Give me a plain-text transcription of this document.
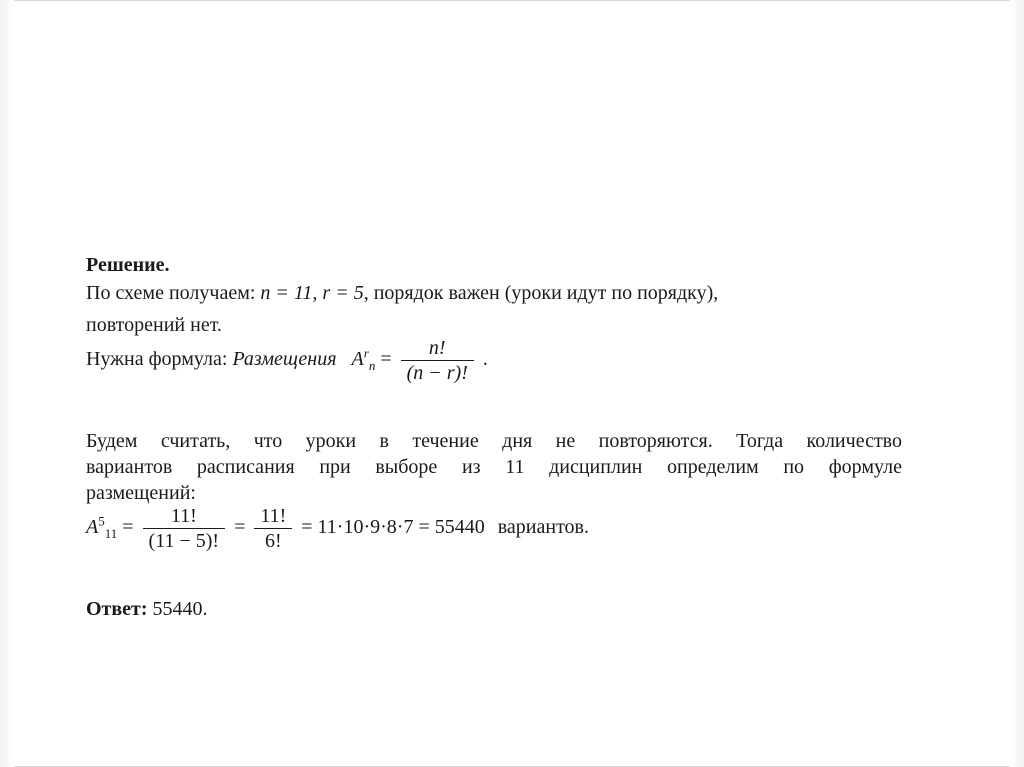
Решение.
По схеме получаем: n = 11, r = 5, порядок важен (уроки идут по порядку),
повторений нет.
Нужна формула: Размещения $A^r_n = \frac{n!}{(n - r)!}$ .
Будем считать, что уроки в течение дня не повторяются. Тогда количество
вариантов расписания при выборе из 11 дисциплин определим по формуле
размещений:
$A^5_{11} = \frac{11!}{(11 - 5)!} = \frac{11!}{6!} = 11\cdot 10\cdot 9\cdot 8\cdot 7 = 55440$ вариантов.
Ответ: 55440.
